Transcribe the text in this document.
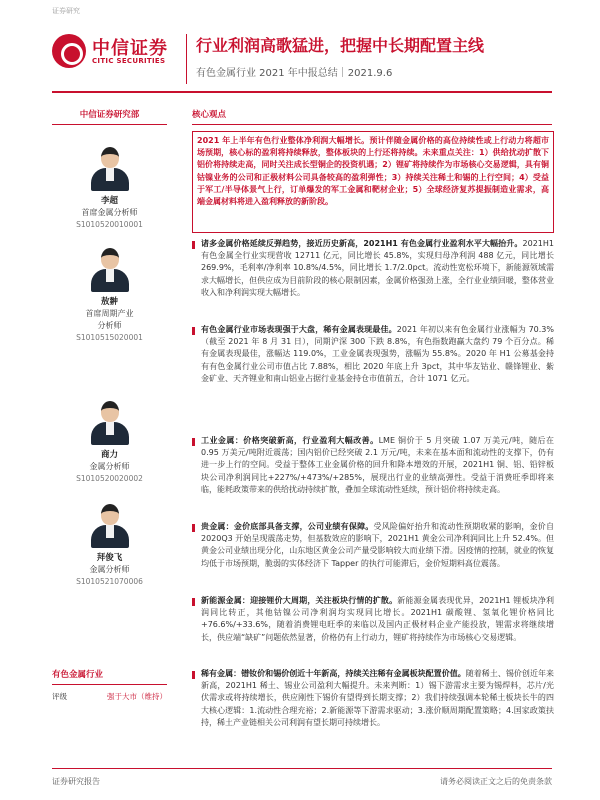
证券研究
中信证券
CITIC SECURITIES
行业利润高歌猛进，把握中长期配置主线
有色金属行业 2021 年中报总结｜2021.9.6
中信证券研究部	核心观点
李超
首席金属分析师
S1010520010001
敖翀
首席周期产业
分析师
S1010515020001
商力
金属分析师
S1010520020002
拜俊飞
金属分析师
S1010521070006
有色金属行业
评级	强于大市（维持）

2021 年上半年有色行业整体净利润大幅增长。预计伴随金属价格的高位持续性或上行动力将超市场预期，核心标的盈利将持续释放，整体板块的上行还将持续。未来重点关注：1）供给扰动扩散下铝价将持续走高，同时关注成长型铜企的投资机遇；2）锂矿将持续作为市场核心交易逻辑，具有铜钴镍业务的公司和正极材料公司具备较高的盈利弹性；3）持续关注稀土和锡的上行空间；4）受益于军工/半导体景气上行，订单爆发的军工金属和靶材企业；5）全球经济复苏提振制造业需求，高端金属材料将进入盈利释放的新阶段。

诸多金属价格延续反弹趋势，接近历史新高，2021H1 有色金属行业盈利水平大幅抬升。2021H1 有色金属全行业实现营收 12711 亿元，同比增长 45.8%，实现归母净利润 488 亿元，同比增长 269.9%，毛利率/净利率 10.8%/4.5%，同比增长 1.7/2.0pct。流动性宽松环境下，新能源领域需求大幅增长，但供应成为目前阶段的核心限制因素，金属价格强劲上涨，全行业业绩回暖，整体营业收入和净利润实现大幅增长。

有色金属行业市场表现强于大盘，稀有金属表现最佳。2021 年初以来有色金属行业涨幅为 70.3%（截至 2021 年 8 月 31 日），同期沪深 300 下跌 8.8%，有色指数跑赢大盘约 79 个百分点。稀有金属表现最佳，涨幅达 119.0%，工业金属表现强势，涨幅为 55.8%。2020 年 H1 公募基金持有有色金属行业公司市值占比 7.88%，相比 2020 年底上升 3pct，其中华友钴业、赣锋锂业、紫金矿业、天齐锂业和南山铝业占据行业基金持仓市值前五，合计 1071 亿元。

工业金属：价格突破新高，行业盈利大幅改善。LME 铜价于 5 月突破 1.07 万美元/吨，随后在 0.95 万美元/吨附近震荡；国内铝价已经突破 2.1 万元/吨，未来在基本面和流动性的支撑下，仍有进一步上行的空间。受益于整体工业金属价格的回升和降本增效的开展，2021H1 铜、铝、铅锌板块公司净利润同比+227%/+473%/+285%，展现出行业的业绩高弹性。受益于消费旺季即将来临，能耗政策带来的供给扰动持续扩散，叠加全球流动性延续，预计铝价将持续走高。

贵金属：金价底部具备支撑，公司业绩有保障。受风险偏好抬升和流动性预期收紧的影响，金价自 2020Q3 开始呈现震荡走势，但基数效应的影响下，2021H1 黄金公司净利润同比上升 52.4%。但黄金公司业绩出现分化，山东地区黄金公司产量受影响较大而业绩下滑。因疫情的控制，就业的恢复均低于市场预期，脆弱的实体经济下 Tapper 的执行可能滞后，金价短期料高位震荡。

新能源金属：迎接锂价大周期，关注板块行情的扩散。新能源金属表现优异，2021H1 锂板块净利润同比转正，其他钴镍公司净利润均实现同比增长。2021H1 碳酸锂、氢氧化锂价格同比+76.6%/+33.6%，随着消费锂电旺季的来临以及国内正极材料企业产能投放，锂需求将继续增长，供应端“缺矿”问题依然显著，价格仍有上行动力，锂矿将持续作为市场核心交易逻辑。

稀有金属：镨钕价和锡价创近十年新高，持续关注稀有金属板块配置价值。随着稀土、锡价创近年来新高，2021H1 稀土、锡业公司盈利大幅提升。未来判断：1）锡下游需求主要为锡焊料，芯片/光伏需求或将持续增长，供应刚性下锡价有望得到长期支撑；2）我们持续强调本轮稀土板块长牛的四大核心逻辑：1.流动性合理充裕；2.新能源等下游需求驱动；3.涨价顺周期配置策略；4.国家政策扶持，稀土产业链相关公司利润有望长期可持续增长。

证券研究报告	请务必阅读正文之后的免责条款
